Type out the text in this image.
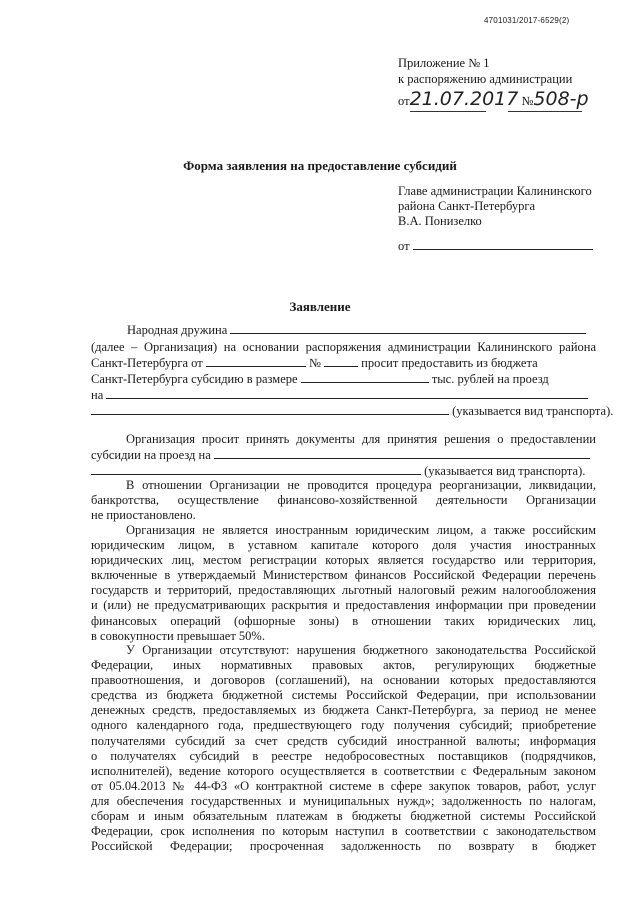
4701031/2017-6529(2)
Приложение № 1
к распоряжению администрации
от21.07.2017 №508-р
Форма заявления на предоставление субсидий
Главе администрации Калининского
района Санкт-Петербурга
В.А. Понизелко
от
Заявление
Народная дружина
(далее – Организация) на основании распоряжения администрации Калининского района
Санкт-Петербурга от	№	просит предоставить из бюджета
Санкт-Петербурга субсидию в размере	тыс. рублей на проезд
на
(указывается вид транспорта).
Организация просит принять документы для принятия решения о предоставлении
субсидии на проезд на
(указывается вид транспорта).
В отношении Организации не проводится процедура реорганизации, ликвидации,
банкротства, осуществление финансово-хозяйственной деятельности Организации
не приостановлено.
Организация не является иностранным юридическим лицом, а также российским
юридическим лицом, в уставном капитале которого доля участия иностранных
юридических лиц, местом регистрации которых является государство или территория,
включенные в утверждаемый Министерством финансов Российской Федерации перечень
государств и территорий, предоставляющих льготный налоговый режим налогообложения
и (или) не предусматривающих раскрытия и предоставления информации при проведении
финансовых операций (офшорные зоны) в отношении таких юридических лиц,
в совокупности превышает 50%.
У Организации отсутствуют: нарушения бюджетного законодательства Российской
Федерации, иных нормативных правовых актов, регулирующих бюджетные
правоотношения, и договоров (соглашений), на основании которых предоставляются
средства из бюджета бюджетной системы Российской Федерации, при использовании
денежных средств, предоставляемых из бюджета Санкт-Петербурга, за период не менее
одного календарного года, предшествующего году получения субсидий; приобретение
получателями субсидий за счет средств субсидий иностранной валюты; информация
о получателях субсидий в реестре недобросовестных поставщиков (подрядчиков,
исполнителей), ведение которого осуществляется в соответствии с Федеральным законом
от 05.04.2013 № 44-ФЗ «О контрактной системе в сфере закупок товаров, работ, услуг
для обеспечения государственных и муниципальных нужд»; задолженность по налогам,
сборам и иным обязательным платежам в бюджеты бюджетной системы Российской
Федерации, срок исполнения по которым наступил в соответствии с законодательством
Российской Федерации; просроченная задолженность по возврату в бюджет
